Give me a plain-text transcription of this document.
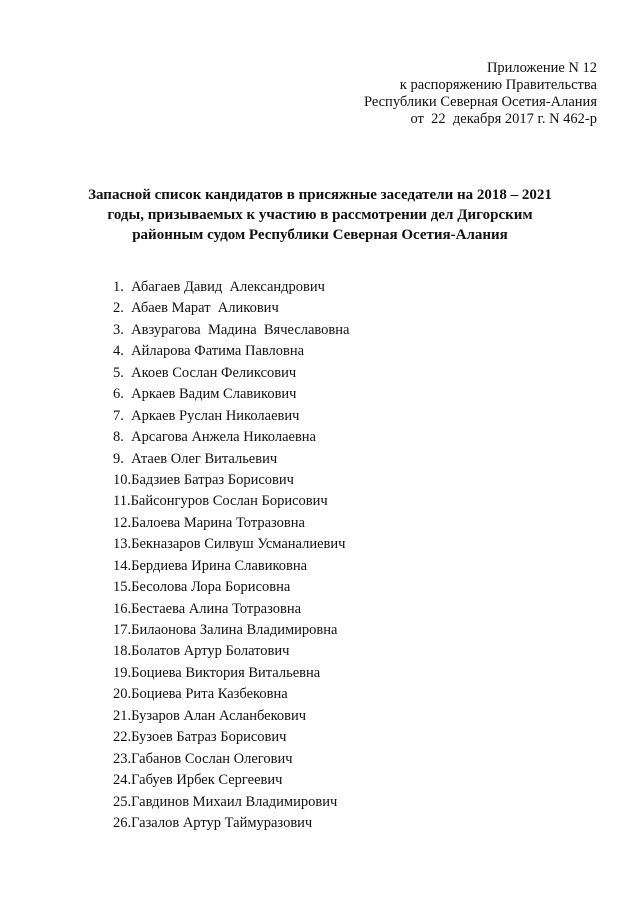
Приложение N 12
к распоряжению Правительства
Республики Северная Осетия-Алания
от  22  декабря 2017 г. N 462-р
Запасной список кандидатов в присяжные заседатели на 2018 – 2021
годы, призываемых к участию в рассмотрении дел Дигорским
районным судом Республики Северная Осетия-Алания
1.  Абагаев Давид  Александрович
2.  Абаев Марат  Аликович
3.  Авзурагова  Мадина  Вячеславовна
4.  Айларова Фатима Павловна
5.  Акоев Сослан Феликсович
6.  Аркаев Вадим Славикович
7.  Аркаев Руслан Николаевич
8.  Арсагова Анжела Николаевна
9.  Атаев Олег Витальевич
10.Бадзиев Батраз Борисович
11.Байсонгуров Сослан Борисович
12.Балоева Марина Тотразовна
13.Бекназаров Силвуш Усманалиевич
14.Бердиева Ирина Славиковна
15.Бесолова Лора Борисовна
16.Бестаева Алина Тотразовна
17.Билаонова Залина Владимировна
18.Болатов Артур Болатович
19.Боциева Виктория Витальевна
20.Боциева Рита Казбековна
21.Бузаров Алан Асланбекович
22.Бузоев Батраз Борисович
23.Габанов Сослан Олегович
24.Габуев Ирбек Сергеевич
25.Гавдинов Михаил Владимирович
26.Газалов Артур Таймуразович
